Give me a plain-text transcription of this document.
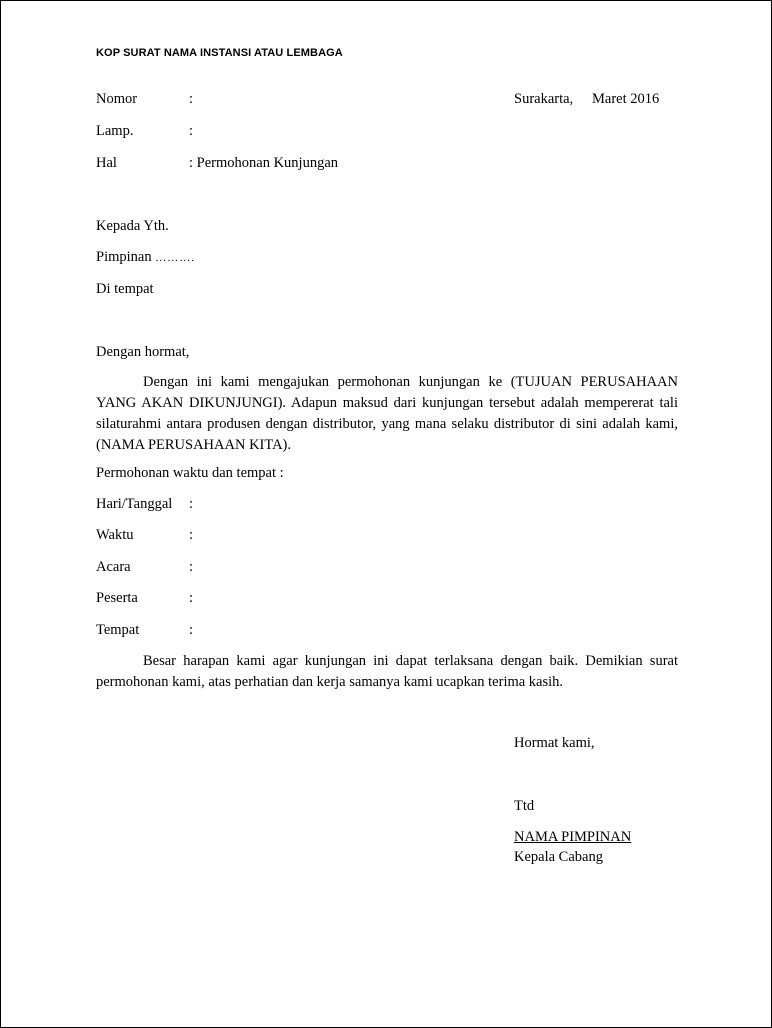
KOP SURAT NAMA INSTANSI ATAU LEMBAGA
Nomor	:	Surakarta, Maret 2016
Lamp.	:
Hal	: Permohonan Kunjungan
Kepada Yth.
Pimpinan ……….
Di tempat
Dengan hormat,
Dengan ini kami mengajukan permohonan kunjungan ke (TUJUAN PERUSAHAAN YANG AKAN DIKUNJUNGI). Adapun maksud dari kunjungan tersebut adalah mempererat tali silaturahmi antara produsen dengan distributor, yang mana selaku distributor di sini adalah kami,(NAMA PERUSAHAAN KITA).
Permohonan waktu dan tempat :
Hari/Tanggal :
Waktu	:
Acara	:
Peserta	:
Tempat	:
Besar harapan kami agar kunjungan ini dapat terlaksana dengan baik. Demikian surat permohonan kami, atas perhatian dan kerja samanya kami ucapkan terima kasih.
Hormat kami,
Ttd
NAMA PIMPINAN
Kepala Cabang
